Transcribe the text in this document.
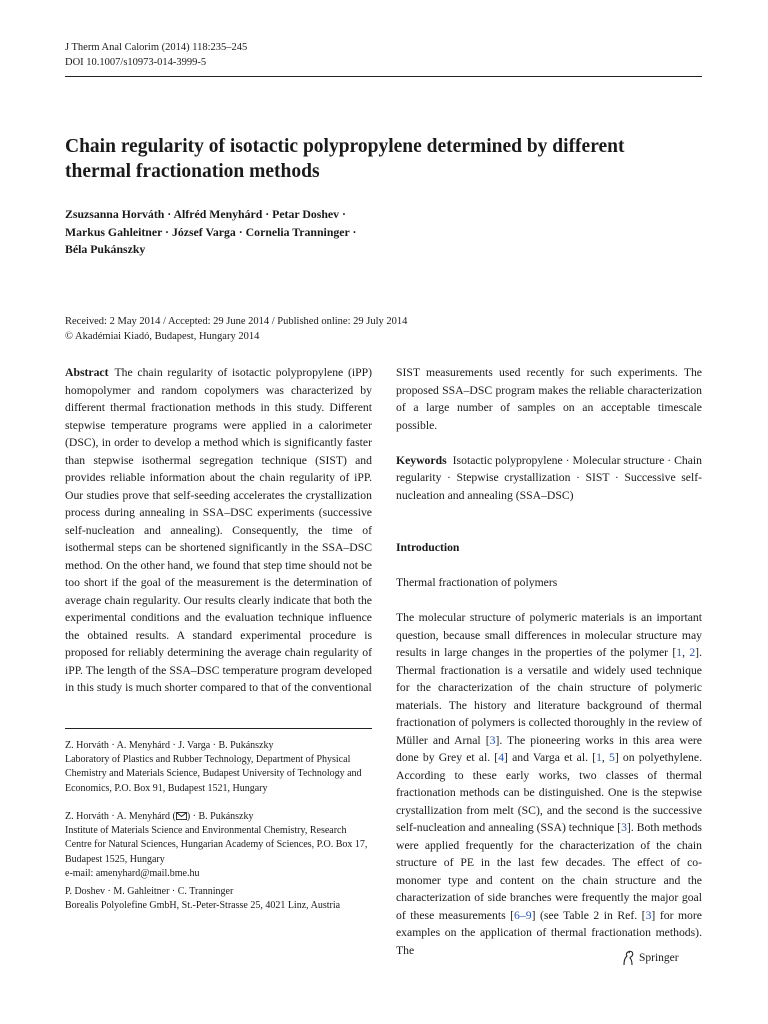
J Therm Anal Calorim (2014) 118:235–245
DOI 10.1007/s10973-014-3999-5
Chain regularity of isotactic polypropylene determined by different thermal fractionation methods
Zsuzsanna Horváth · Alfréd Menyhárd · Petar Doshev ·
Markus Gahleitner · József Varga · Cornelia Tranninger ·
Béla Pukánszky
Received: 2 May 2014 / Accepted: 29 June 2014 / Published online: 29 July 2014
© Akadémiai Kiadó, Budapest, Hungary 2014

Abstract The chain regularity of isotactic polypropylene (iPP) homopolymer and random copolymers was characterized by different thermal fractionation methods in this study. Different stepwise temperature programs were applied in a calorimeter (DSC), in order to develop a method which is significantly faster than stepwise isothermal segregation technique (SIST) and provides reliable information about the chain regularity of iPP. Our studies prove that self-seeding accelerates the crystallization process during annealing in SSA–DSC experiments (successive self-nucleation and annealing). Consequently, the time of isothermal steps can be shortened significantly in the SSA–DSC method. On the other hand, we found that step time should not be too short if the goal of the measurement is the determination of average chain regularity. Our results clearly indicate that both the experimental conditions and the evaluation technique influence the obtained results. A standard experimental procedure is proposed for reliably determining the average chain regularity of iPP. The length of the SSA–DSC temperature program developed in this study is much shorter compared to that of the conventional

Z. Horváth · A. Menyhárd · J. Varga · B. Pukánszky
Laboratory of Plastics and Rubber Technology, Department of Physical Chemistry and Materials Science, Budapest University of Technology and Economics, P.O. Box 91, Budapest 1521, Hungary
Z. Horváth · A. Menyhárd ( ) · B. Pukánszky
Institute of Materials Science and Environmental Chemistry, Research Centre for Natural Sciences, Hungarian Academy of Sciences, P.O. Box 17, Budapest 1525, Hungary
e-mail: amenyhard@mail.bme.hu
P. Doshev · M. Gahleitner · C. Tranninger
Borealis Polyolefine GmbH, St.-Peter-Strasse 25, 4021 Linz, Austria

SIST measurements used recently for such experiments. The proposed SSA–DSC program makes the reliable characterization of a large number of samples on an acceptable timescale possible.

Keywords Isotactic polypropylene · Molecular structure · Chain regularity · Stepwise crystallization · SIST · Successive self-nucleation and annealing (SSA–DSC)

Introduction

Thermal fractionation of polymers

The molecular structure of polymeric materials is an important question, because small differences in molecular structure may results in large changes in the properties of the polymer [1, 2]. Thermal fractionation is a versatile and widely used technique for the characterization of the chain structure of polymeric materials. The history and literature background of thermal fractionation of polymers is collected thoroughly in the review of Müller and Arnal [3]. The pioneering works in this area were done by Grey et al. [4] and Varga et al. [1, 5] on polyethylene. According to these early works, two classes of thermal fractionation methods can be distinguished. One is the stepwise crystallization from melt (SC), and the second is the successive self-nucleation and annealing (SSA) technique [3]. Both methods were applied frequently for the characterization of the chain structure of PE in the last few decades. The effect of co-monomer type and content on the chain structure and the characterization of side branches were frequently the major goal of these measurements [6–9] (see Table 2 in Ref. [3] for more examples on the application of thermal fractionation methods). The

Springer
